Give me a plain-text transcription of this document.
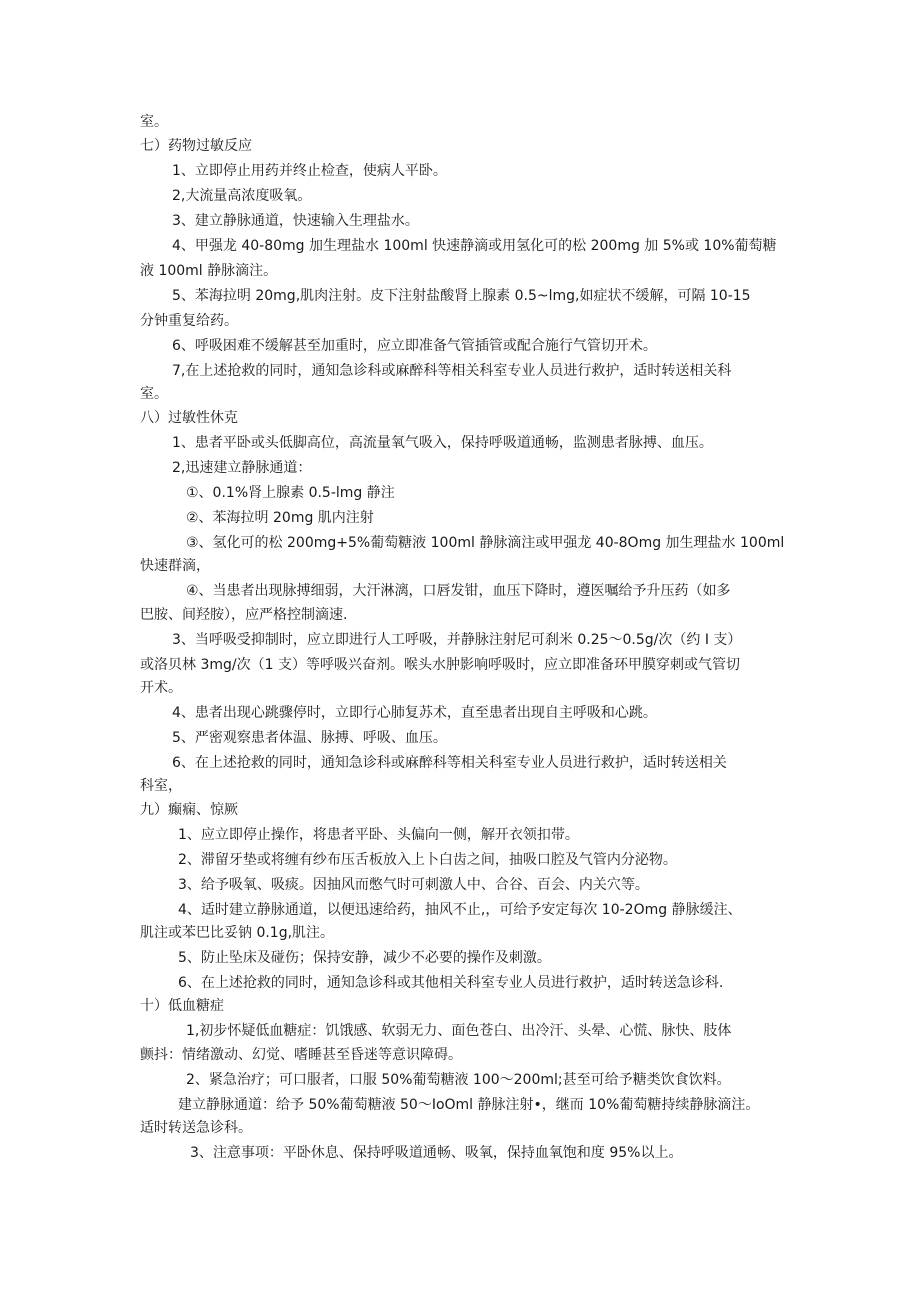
室。
七）药物过敏反应
1、立即停止用药并终止检查，使病人平卧。
2,大流量高浓度吸氧。
3、建立静脉通道，快速输入生理盐水。
4、甲强龙 40-80mg 加生理盐水 100ml 快速静滴或用氢化可的松 200mg 加 5%或 10%葡萄糖
液 100ml 静脉滴注。
5、苯海拉明 20mg,肌肉注射。皮下注射盐酸肾上腺素 0.5~lmg,如症状不缓解，可隔 10-15
分钟重复给药。
6、呼吸困难不缓解甚至加重时，应立即准备气管插管或配合施行气管切开术。
7,在上述抢救的同时，通知急诊科或麻醉科等相关科室专业人员进行救护，适时转送相关科
室。
八）过敏性休克
1、患者平卧或头低脚高位，高流量氧气吸入，保持呼吸道通畅，监测患者脉搏、血压。
2,迅速建立静脉通道：
①、0.1%肾上腺素 0.5-lmg 静注
②、苯海拉明 20mg 肌内注射
③、氢化可的松 200mg+5%葡萄糖液 100ml 静脉滴注或甲强龙 40-8Omg 加生理盐水 100ml
快速群滴，
④、当患者出现脉搏细弱，大汗淋漓，口唇发钳，血压下降时，遵医嘱给予升压药（如多
巴胺、间羟胺），应严格控制滴速.
3、当呼吸受抑制时，应立即进行人工呼吸，并静脉注射尼可刹米 0.25～0.5g/次（约 I 支）
或洛贝林 3mg/次（1 支）等呼吸兴奋剂。喉头水肿影响呼吸时，应立即准备环甲膜穿刺或气管切
开术。
4、患者出现心跳骤停时，立即行心肺复苏术，直至患者出现自主呼吸和心跳。
5、严密观察患者体温、脉搏、呼吸、血压。
6、在上述抢救的同时，通知急诊科或麻醉科等相关科室专业人员进行救护，适时转送相关
科室，
九）癫痫、惊厥
1、应立即停止操作，将患者平卧、头偏向一侧，解开衣领扣带。
2、滞留牙垫或将缠有纱布压舌板放入上卜白齿之间，抽吸口腔及气管内分泌物。
3、给予吸氧、吸痰。因抽风而憋气时可刺激人中、合谷、百会、内关穴等。
4、适时建立静脉通道，以便迅速给药，抽风不止,，可给予安定每次 10-2Omg 静脉缓注、
肌注或苯巴比妥钠 0.1g,肌注。
5、防止坠床及碰伤；保持安静，减少不必要的操作及刺激。
6、在上述抢救的同时，通知急诊科或其他相关科室专业人员进行救护，适时转送急诊科.
十）低血糖症
1,初步怀疑低血糖症：饥饿感、软弱无力、面色苍白、出冷汗、头晕、心慌、脉快、肢体
颤抖：情绪激动、幻觉、嗜睡甚至昏迷等意识障碍。
2、紧急治疗；可口服者，口服 50%葡萄糖液 100～200ml;甚至可给予糖类饮食饮料。
建立静脉通道：给予 50%葡萄糖液 50～IoOml 静脉注射•，继而 10%葡萄糖持续静脉滴注。
适时转送急诊科。
3、注意事项：平卧休息、保持呼吸道通畅、吸氧，保持血氧饱和度 95%以上。
